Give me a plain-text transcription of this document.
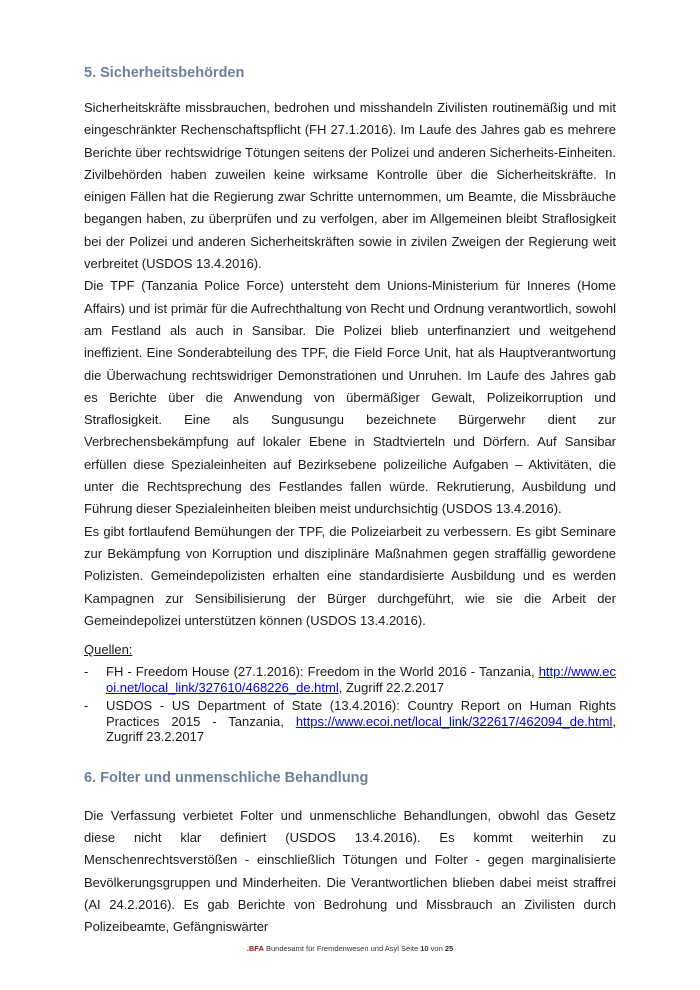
5. Sicherheitsbehörden

Sicherheitskräfte missbrauchen, bedrohen und misshandeln Zivilisten routinemäßig und mit eingeschränkter Rechenschaftspflicht (FH 27.1.2016). Im Laufe des Jahres gab es mehrere Berichte über rechtswidrige Tötungen seitens der Polizei und anderen Sicherheits-Einheiten. Zivilbehörden haben zuweilen keine wirksame Kontrolle über die Sicherheitskräfte. In einigen Fällen hat die Regierung zwar Schritte unternommen, um Beamte, die Missbräuche begangen haben, zu überprüfen und zu verfolgen, aber im Allgemeinen bleibt Straflosigkeit bei der Polizei und anderen Sicherheitskräften sowie in zivilen Zweigen der Regierung weit verbreitet (USDOS 13.4.2016).

Die TPF (Tanzania Police Force) untersteht dem Unions-Ministerium für Inneres (Home Affairs) und ist primär für die Aufrechthaltung von Recht und Ordnung verantwortlich, sowohl am Festland als auch in Sansibar. Die Polizei blieb unterfinanziert und weitgehend ineffizient. Eine Sonderabteilung des TPF, die Field Force Unit, hat als Hauptverantwortung die Überwachung rechtswidriger Demonstrationen und Unruhen. Im Laufe des Jahres gab es Berichte über die Anwendung von übermäßiger Gewalt, Polizeikorruption und Straflosigkeit. Eine als Sungusungu bezeichnete Bürgerwehr dient zur Verbrechensbekämpfung auf lokaler Ebene in Stadtvierteln und Dörfern. Auf Sansibar erfüllen diese Spezialeinheiten auf Bezirksebene polizeiliche Aufgaben – Aktivitäten, die unter die Rechtsprechung des Festlandes fallen würde. Rekrutierung, Ausbildung und Führung dieser Spezialeinheiten bleiben meist undurchsichtig (USDOS 13.4.2016).

Es gibt fortlaufend Bemühungen der TPF, die Polizeiarbeit zu verbessern. Es gibt Seminare zur Bekämpfung von Korruption und disziplinäre Maßnahmen gegen straffällig gewordene Polizisten. Gemeindepolizisten erhalten eine standardisierte Ausbildung und es werden Kampagnen zur Sensibilisierung der Bürger durchgeführt, wie sie die Arbeit der Gemeindepolizei unterstützen können (USDOS 13.4.2016).

Quellen:
- FH - Freedom House (27.1.2016): Freedom in the World 2016 - Tanzania, http://www.ecoi.net/local_link/327610/468226_de.html, Zugriff 22.2.2017
- USDOS - US Department of State (13.4.2016): Country Report on Human Rights Practices 2015 - Tanzania, https://www.ecoi.net/local_link/322617/462094_de.html, Zugriff 23.2.2017
6. Folter und unmenschliche Behandlung

Die Verfassung verbietet Folter und unmenschliche Behandlungen, obwohl das Gesetz diese nicht klar definiert (USDOS 13.4.2016). Es kommt weiterhin zu Menschenrechtsverstößen - einschließlich Tötungen und Folter - gegen marginalisierte Bevölkerungsgruppen und Minderheiten. Die Verantwortlichen blieben dabei meist straffrei (AI 24.2.2016). Es gab Berichte von Bedrohung und Missbrauch an Zivilisten durch Polizeibeamte, Gefängniswärter

.BFA Bundesamt für Fremdenwesen und Asyl Seite 10 von 25
